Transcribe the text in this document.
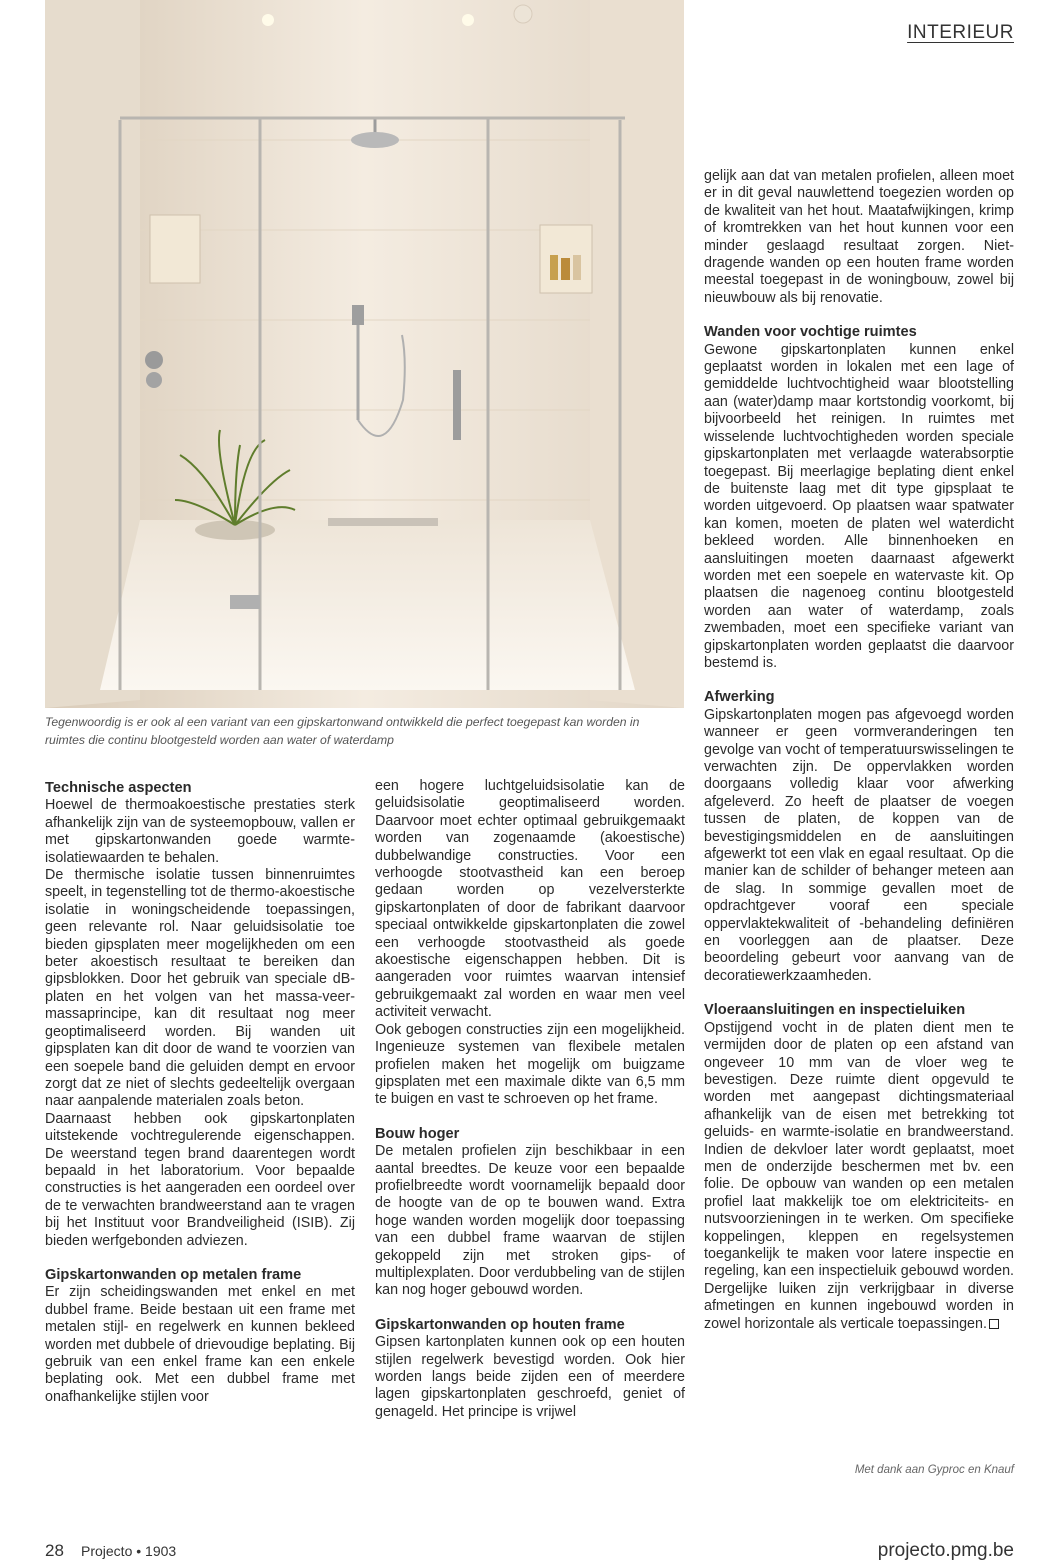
INTERIEUR
Tegenwoordig is er ook al een variant van een gipskartonwand ontwikkeld die perfect toegepast kan worden in ruimtes die continu blootgesteld worden aan water of waterdamp
Technische aspecten

Hoewel de thermoakoestische prestaties sterk afhankelijk zijn van de systeemopbouw, vallen er met gipskartonwanden goede warmte-isolatiewaarden te behalen.

De thermische isolatie tussen binnenruimtes speelt, in tegenstelling tot de thermo-akoestische isolatie in woningscheidende toepassingen, geen relevante rol. Naar geluidsisolatie toe bieden gipsplaten meer mogelijkheden om een beter akoestisch resultaat te bereiken dan gipsblokken. Door het gebruik van speciale dB-platen en het volgen van het massa-veer-massaprincipe, kan dit resultaat nog meer geoptimaliseerd worden. Bij wanden uit gipsplaten kan dit door de wand te voorzien van een soepele band die geluiden dempt en ervoor zorgt dat ze niet of slechts gedeeltelijk overgaan naar aanpalende materialen zoals beton.

Daarnaast hebben ook gipskartonplaten uitstekende vochtregulerende eigenschappen. De weerstand tegen brand daarentegen wordt bepaald in het laboratorium. Voor bepaalde constructies is het aangeraden een oordeel over de te verwachten brandweerstand aan te vragen bij het Instituut voor Brandveiligheid (ISIB). Zij bieden werfgebonden adviezen.

Gipskartonwanden op metalen frame

Er zijn scheidingswanden met enkel en met dubbel frame. Beide bestaan uit een frame met metalen stijl- en regelwerk en kunnen bekleed worden met dubbele of drievoudige beplating. Bij gebruik van een enkel frame kan een enkele beplating ook. Met een dubbel frame met onafhankelijke stijlen voor

een hogere luchtgeluidsisolatie kan de geluidsisolatie geoptimaliseerd worden. Daarvoor moet echter optimaal gebruikgemaakt worden van zogenaamde (akoestische) dubbelwandige constructies. Voor een verhoogde stootvastheid kan een beroep gedaan worden op vezelversterkte gipskartonplaten of door de fabrikant daarvoor speciaal ontwikkelde gipskartonplaten die zowel een verhoogde stootvastheid als goede akoestische eigenschappen hebben. Dit is aangeraden voor ruimtes waarvan intensief gebruikgemaakt zal worden en waar men veel activiteit verwacht.

Ook gebogen constructies zijn een mogelijkheid. Ingenieuze systemen van flexibele metalen profielen maken het mogelijk om buigzame gipsplaten met een maximale dikte van 6,5 mm te buigen en vast te schroeven op het frame.

Bouw hoger

De metalen profielen zijn beschikbaar in een aantal breedtes. De keuze voor een bepaalde profielbreedte wordt voornamelijk bepaald door de hoogte van de op te bouwen wand. Extra hoge wanden worden mogelijk door toepassing van een dubbel frame waarvan de stijlen gekoppeld zijn met stroken gips- of multiplexplaten. Door verdubbeling van de stijlen kan nog hoger gebouwd worden.

Gipskartonwanden op houten frame

Gipsen kartonplaten kunnen ook op een houten stijlen regelwerk bevestigd worden. Ook hier worden langs beide zijden een of meerdere lagen gipskartonplaten geschroefd, geniet of genageld. Het principe is vrijwel

gelijk aan dat van metalen profielen, alleen moet er in dit geval nauwlettend toegezien worden op de kwaliteit van het hout. Maatafwijkingen, krimp of kromtrekken van het hout kunnen voor een minder geslaagd resultaat zorgen. Niet-dragende wanden op een houten frame worden meestal toegepast in de woningbouw, zowel bij nieuwbouw als bij renovatie.

Wanden voor vochtige ruimtes

Gewone gipskartonplaten kunnen enkel geplaatst worden in lokalen met een lage of gemiddelde luchtvochtigheid waar blootstelling aan (water)damp maar kortstondig voorkomt, bij bijvoorbeeld het reinigen. In ruimtes met wisselende luchtvochtigheden worden speciale gipskartonplaten met verlaagde waterabsorptie toegepast. Bij meerlagige beplating dient enkel de buitenste laag met dit type gipsplaat te worden uitgevoerd. Op plaatsen waar spatwater kan komen, moeten de platen wel waterdicht bekleed worden. Alle binnenhoeken en aansluitingen moeten daarnaast afgewerkt worden met een soepele en watervaste kit. Op plaatsen die nagenoeg continu blootgesteld worden aan water of waterdamp, zoals zwembaden, moet een specifieke variant van gipskartonplaten worden geplaatst die daarvoor bestemd is.

Afwerking

Gipskartonplaten mogen pas afgevoegd worden wanneer er geen vormveranderingen ten gevolge van vocht of temperatuurswisselingen te verwachten zijn. De oppervlakken worden doorgaans volledig klaar voor afwerking afgeleverd. Zo heeft de plaatser de voegen tussen de platen, de koppen van de bevestigingsmiddelen en de aansluitingen afgewerkt tot een vlak en egaal resultaat. Op die manier kan de schilder of behanger meteen aan de slag. In sommige gevallen moet de opdrachtgever vooraf een speciale oppervlaktekwaliteit of -behandeling definiëren en voorleggen aan de plaatser. Deze beoordeling gebeurt voor aanvang van de decoratiewerkzaamheden.

Vloeraansluitingen en inspectieluiken

Opstijgend vocht in de platen dient men te vermijden door de platen op een afstand van ongeveer 10 mm van de vloer weg te bevestigen. Deze ruimte dient opgevuld te worden met aangepast dichtingsmateriaal afhankelijk van de eisen met betrekking tot geluids- en warmte-isolatie en brandweerstand. Indien de dekvloer later wordt geplaatst, moet men de onderzijde beschermen met bv. een folie. De opbouw van wanden op een metalen profiel laat makkelijk toe om elektriciteits- en nutsvoorzieningen in te werken. Om specifieke koppelingen, kleppen en regelsystemen toegankelijk te maken voor latere inspectie en regeling, kan een inspectieluik gebouwd worden. Dergelijke luiken zijn verkrijgbaar in diverse afmetingen en kunnen ingebouwd worden in zowel horizontale als verticale toepassingen.

Met dank aan Gyproc en Knauf
28 Projecto • 1903	projecto.pmg.be
